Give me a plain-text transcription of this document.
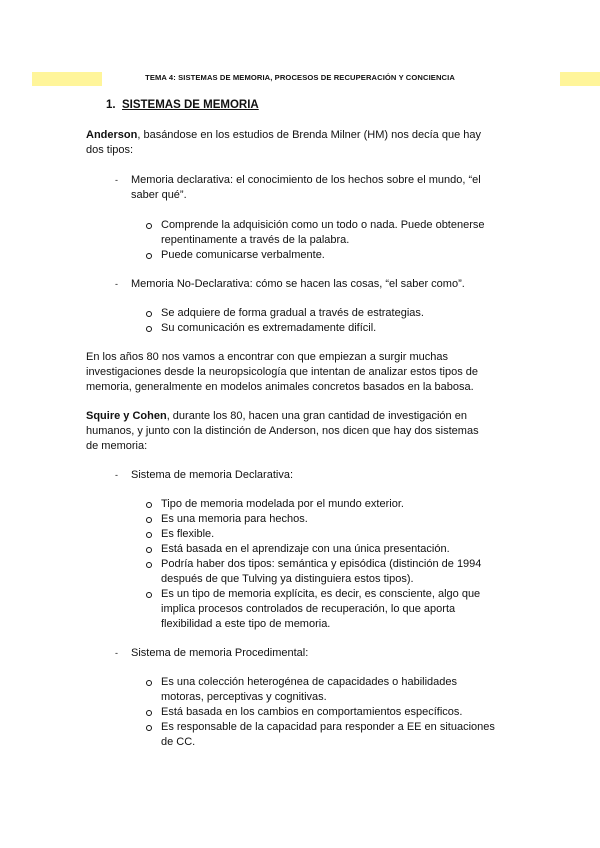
TEMA 4: SISTEMAS DE MEMORIA, PROCESOS DE RECUPERACIÓN Y CONCIENCIA
1. SISTEMAS DE MEMORIA
Anderson, basándose en los estudios de Brenda Milner (HM) nos decía que hay
dos tipos:
- Memoria declarativa: el conocimiento de los hechos sobre el mundo, “el
saber qué”.
Comprende la adquisición como un todo o nada. Puede obtenerse
repentinamente a través de la palabra.
Puede comunicarse verbalmente.
- Memoria No-Declarativa: cómo se hacen las cosas, “el saber como”.
Se adquiere de forma gradual a través de estrategias.
Su comunicación es extremadamente difícil.
En los años 80 nos vamos a encontrar con que empiezan a surgir muchas
investigaciones desde la neuropsicología que intentan de analizar estos tipos de
memoria, generalmente en modelos animales concretos basados en la babosa.
Squire y Cohen, durante los 80, hacen una gran cantidad de investigación en
humanos, y junto con la distinción de Anderson, nos dicen que hay dos sistemas
de memoria:
- Sistema de memoria Declarativa:
Tipo de memoria modelada por el mundo exterior.
Es una memoria para hechos.
Es flexible.
Está basada en el aprendizaje con una única presentación.
Podría haber dos tipos: semántica y episódica (distinción de 1994
después de que Tulving ya distinguiera estos tipos).
Es un tipo de memoria explícita, es decir, es consciente, algo que
implica procesos controlados de recuperación, lo que aporta
flexibilidad a este tipo de memoria.
- Sistema de memoria Procedimental:
Es una colección heterogénea de capacidades o habilidades
motoras, perceptivas y cognitivas.
Está basada en los cambios en comportamientos específicos.
Es responsable de la capacidad para responder a EE en situaciones
de CC.
